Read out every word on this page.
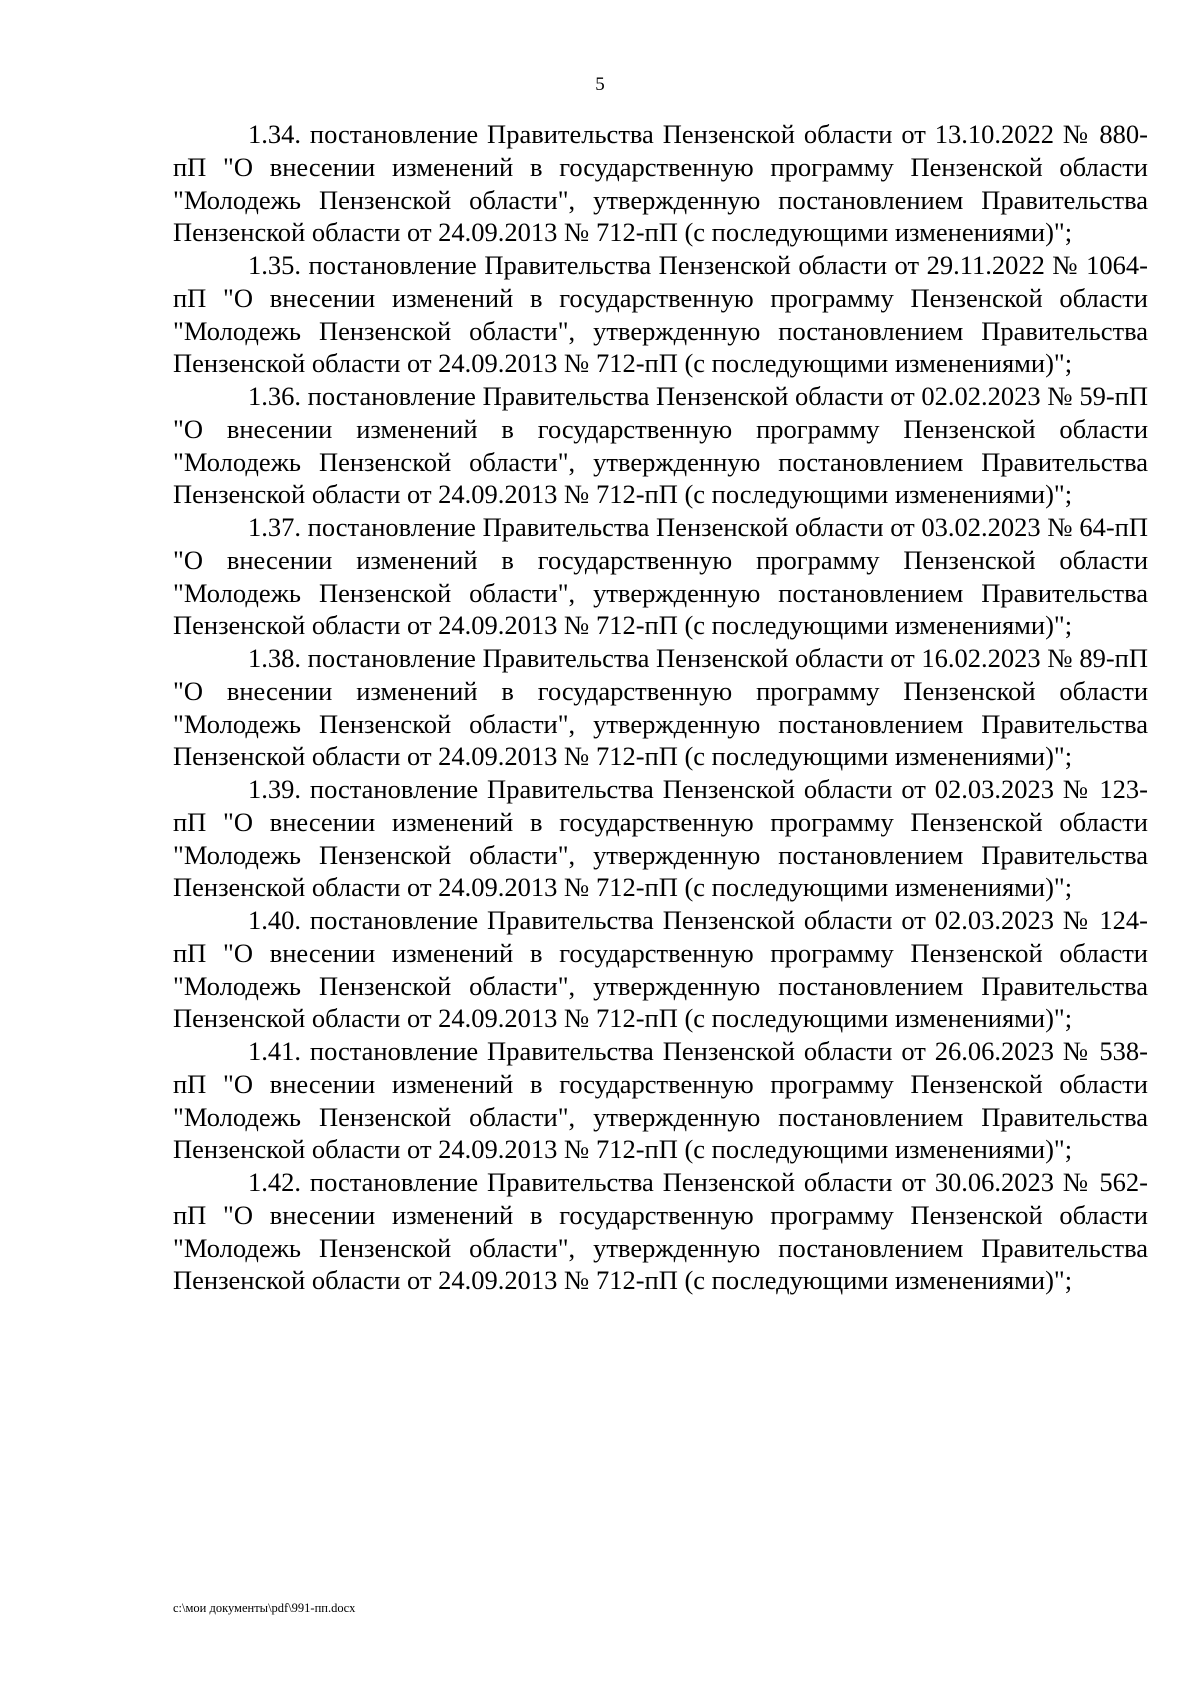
5

1.34. постановление Правительства Пензенской области от 13.10.2022 № 880-пП "О внесении изменений в государственную программу Пензенской области "Молодежь Пензенской области", утвержденную постановлением Правительства Пензенской области от 24.09.2013 № 712-пП (с последующими изменениями)";

1.35. постановление Правительства Пензенской области от 29.11.2022 № 1064-пП "О внесении изменений в государственную программу Пензенской области "Молодежь Пензенской области", утвержденную постановлением Правительства Пензенской области от 24.09.2013 № 712-пП (с последующими изменениями)";

1.36. постановление Правительства Пензенской области от 02.02.2023 № 59-пП "О внесении изменений в государственную программу Пензенской области "Молодежь Пензенской области", утвержденную постановлением Правительства Пензенской области от 24.09.2013 № 712-пП (с последующими изменениями)";

1.37. постановление Правительства Пензенской области от 03.02.2023 № 64-пП "О внесении изменений в государственную программу Пензенской области "Молодежь Пензенской области", утвержденную постановлением Правительства Пензенской области от 24.09.2013 № 712-пП (с последующими изменениями)";

1.38. постановление Правительства Пензенской области от 16.02.2023 № 89-пП "О внесении изменений в государственную программу Пензенской области "Молодежь Пензенской области", утвержденную постановлением Правительства Пензенской области от 24.09.2013 № 712-пП (с последующими изменениями)";

1.39. постановление Правительства Пензенской области от 02.03.2023 № 123-пП "О внесении изменений в государственную программу Пензенской области "Молодежь Пензенской области", утвержденную постановлением Правительства Пензенской области от 24.09.2013 № 712-пП (с последующими изменениями)";

1.40. постановление Правительства Пензенской области от 02.03.2023 № 124-пП "О внесении изменений в государственную программу Пензенской области "Молодежь Пензенской области", утвержденную постановлением Правительства Пензенской области от 24.09.2013 № 712-пП (с последующими изменениями)";

1.41. постановление Правительства Пензенской области от 26.06.2023 № 538-пП "О внесении изменений в государственную программу Пензенской области "Молодежь Пензенской области", утвержденную постановлением Правительства Пензенской области от 24.09.2013 № 712-пП (с последующими изменениями)";

1.42. постановление Правительства Пензенской области от 30.06.2023 № 562-пП "О внесении изменений в государственную программу Пензенской области "Молодежь Пензенской области", утвержденную постановлением Правительства Пензенской области от 24.09.2013 № 712-пП (с последующими изменениями)";

c:\мои документы\pdf\991-пп.docx
